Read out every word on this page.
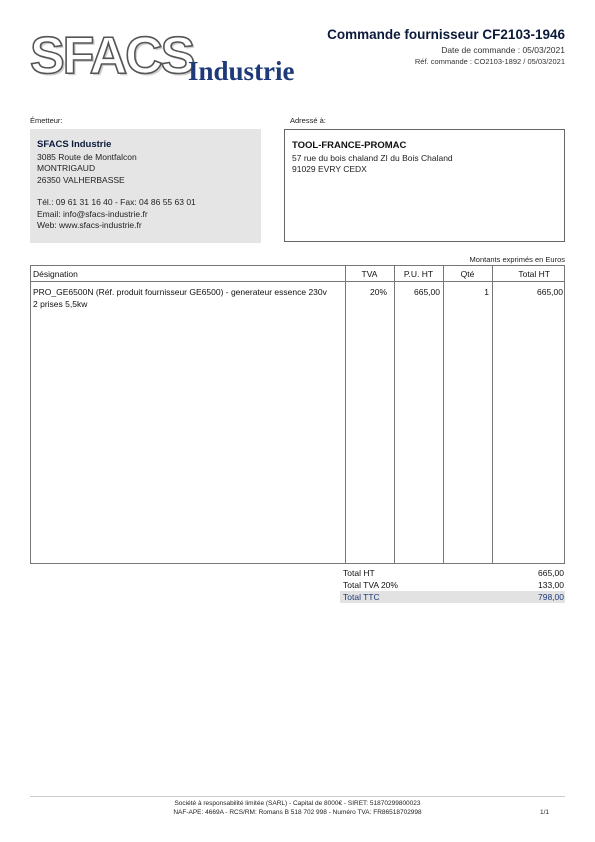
SFACS
Industrie
Commande fournisseur CF2103-1946
Date de commande : 05/03/2021
Réf. commande : CO2103-1892 / 05/03/2021
Émetteur:
SFACS Industrie
3085 Route de Montfalcon
MONTRIGAUD
26350 VALHERBASSE
Tél.: 09 61 31 16 40 - Fax: 04 86 55 63 01
Email: info@sfacs-industrie.fr
Web: www.sfacs-industrie.fr
Adressé à:
TOOL-FRANCE-PROMAC
57 rue du bois chaland ZI du Bois Chaland
91029 EVRY CEDX
Montants exprimés en Euros
Désignation	TVA	P.U. HT	Qté	Total HT
PRO_GE6500N (Réf. produit fournisseur GE6500) - generateur essence 230v
2 prises 5,5kw
20%	665,00	1	665,00
Total HT	665,00
Total TVA 20%	133,00
Total TTC	798,00
Société à responsabilité limitée (SARL) - Capital de 8000€ - SIRET: 51870299800023
NAF-APE: 4669A - RCS/RM: Romans B 518 702 998 - Numéro TVA: FR86518702998	1/1
